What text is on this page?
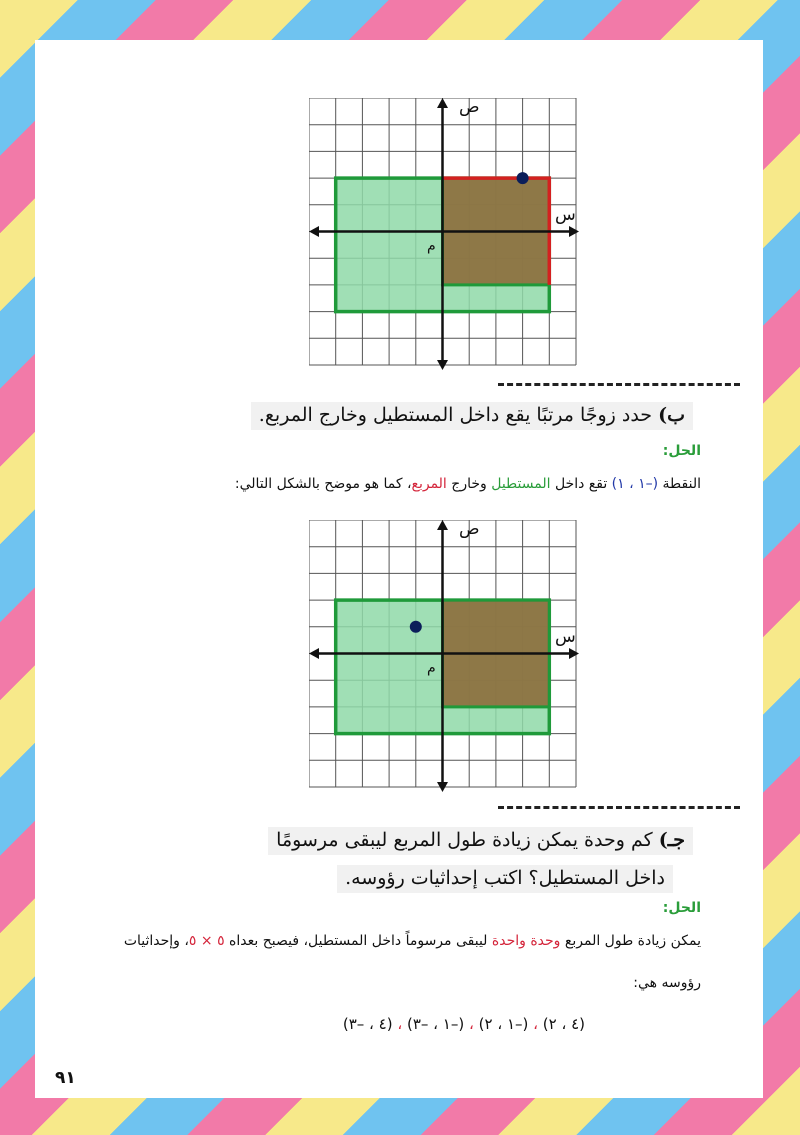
ص
س
م
ب) حدد زوجًا مرتبًا يقع داخل المستطيل وخارج المربع.
الحل:
النقطة (–١ ، ١) تقع داخل المستطيل وخارج المربع، كما هو موضح بالشكل التالي:
ص
س
م
جـ) كم وحدة يمكن زيادة طول المربع ليبقى مرسومًا
داخل المستطيل؟ اكتب إحداثيات رؤوسه.
الحل:
يمكن زيادة طول المربع وحدة واحدة ليبقى مرسوماً داخل المستطيل، فيصبح بعداه ٥ × ٥، وإحداثيات
رؤوسه هي:
(٤ ، ٢) ، (–١ ، ٢) ، (–١ ، –٣) ، (٤ ، –٣)
٩١
